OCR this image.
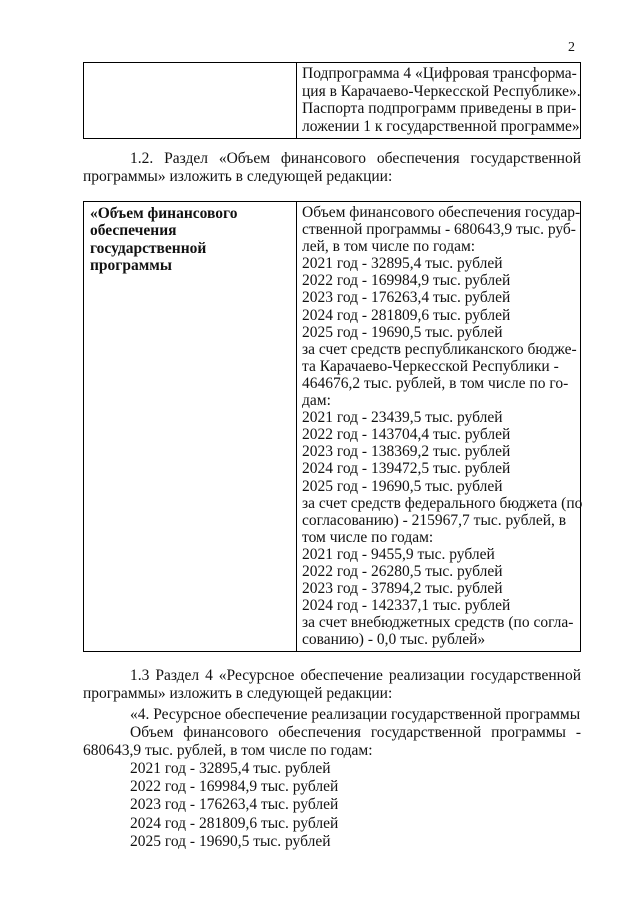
2

Подпрограмма 4 «Цифровая трансформа-
ция в Карачаево-Черкесской Республике».
Паспорта подпрограмм приведены в при-
ложении 1 к государственной программе»

1.2. Раздел «Объем финансового обеспечения государственной программы» изложить в следующей редакции:

«Объем финансового обеспечения государственной программы

Объем финансового обеспечения государ-
ственной программы - 680643,9 тыс. руб-
лей, в том числе по годам:
2021 год - 32895,4 тыс. рублей
2022 год - 169984,9 тыс. рублей
2023 год - 176263,4 тыс. рублей
2024 год - 281809,6 тыс. рублей
2025 год - 19690,5 тыс. рублей
за счет средств республиканского бюдже-
та Карачаево-Черкесской Республики -
464676,2 тыс. рублей, в том числе по го-
дам:
2021 год - 23439,5 тыс. рублей
2022 год - 143704,4 тыс. рублей
2023 год - 138369,2 тыс. рублей
2024 год - 139472,5 тыс. рублей
2025 год - 19690,5 тыс. рублей
за счет средств федерального бюджета (по
согласованию) - 215967,7 тыс. рублей, в
том числе по годам:
2021 год - 9455,9 тыс. рублей
2022 год - 26280,5 тыс. рублей
2023 год - 37894,2 тыс. рублей
2024 год - 142337,1 тыс. рублей
за счет внебюджетных средств (по согла-
сованию) - 0,0 тыс. рублей»

1.3 Раздел 4 «Ресурсное обеспечение реализации государственной программы» изложить в следующей редакции:

«4. Ресурсное обеспечение реализации государственной программы

Объем финансового обеспечения государственной программы - 680643,9 тыс. рублей, в том числе по годам:

2021 год - 32895,4 тыс. рублей
2022 год - 169984,9 тыс. рублей
2023 год - 176263,4 тыс. рублей
2024 год - 281809,6 тыс. рублей
2025 год - 19690,5 тыс. рублей
